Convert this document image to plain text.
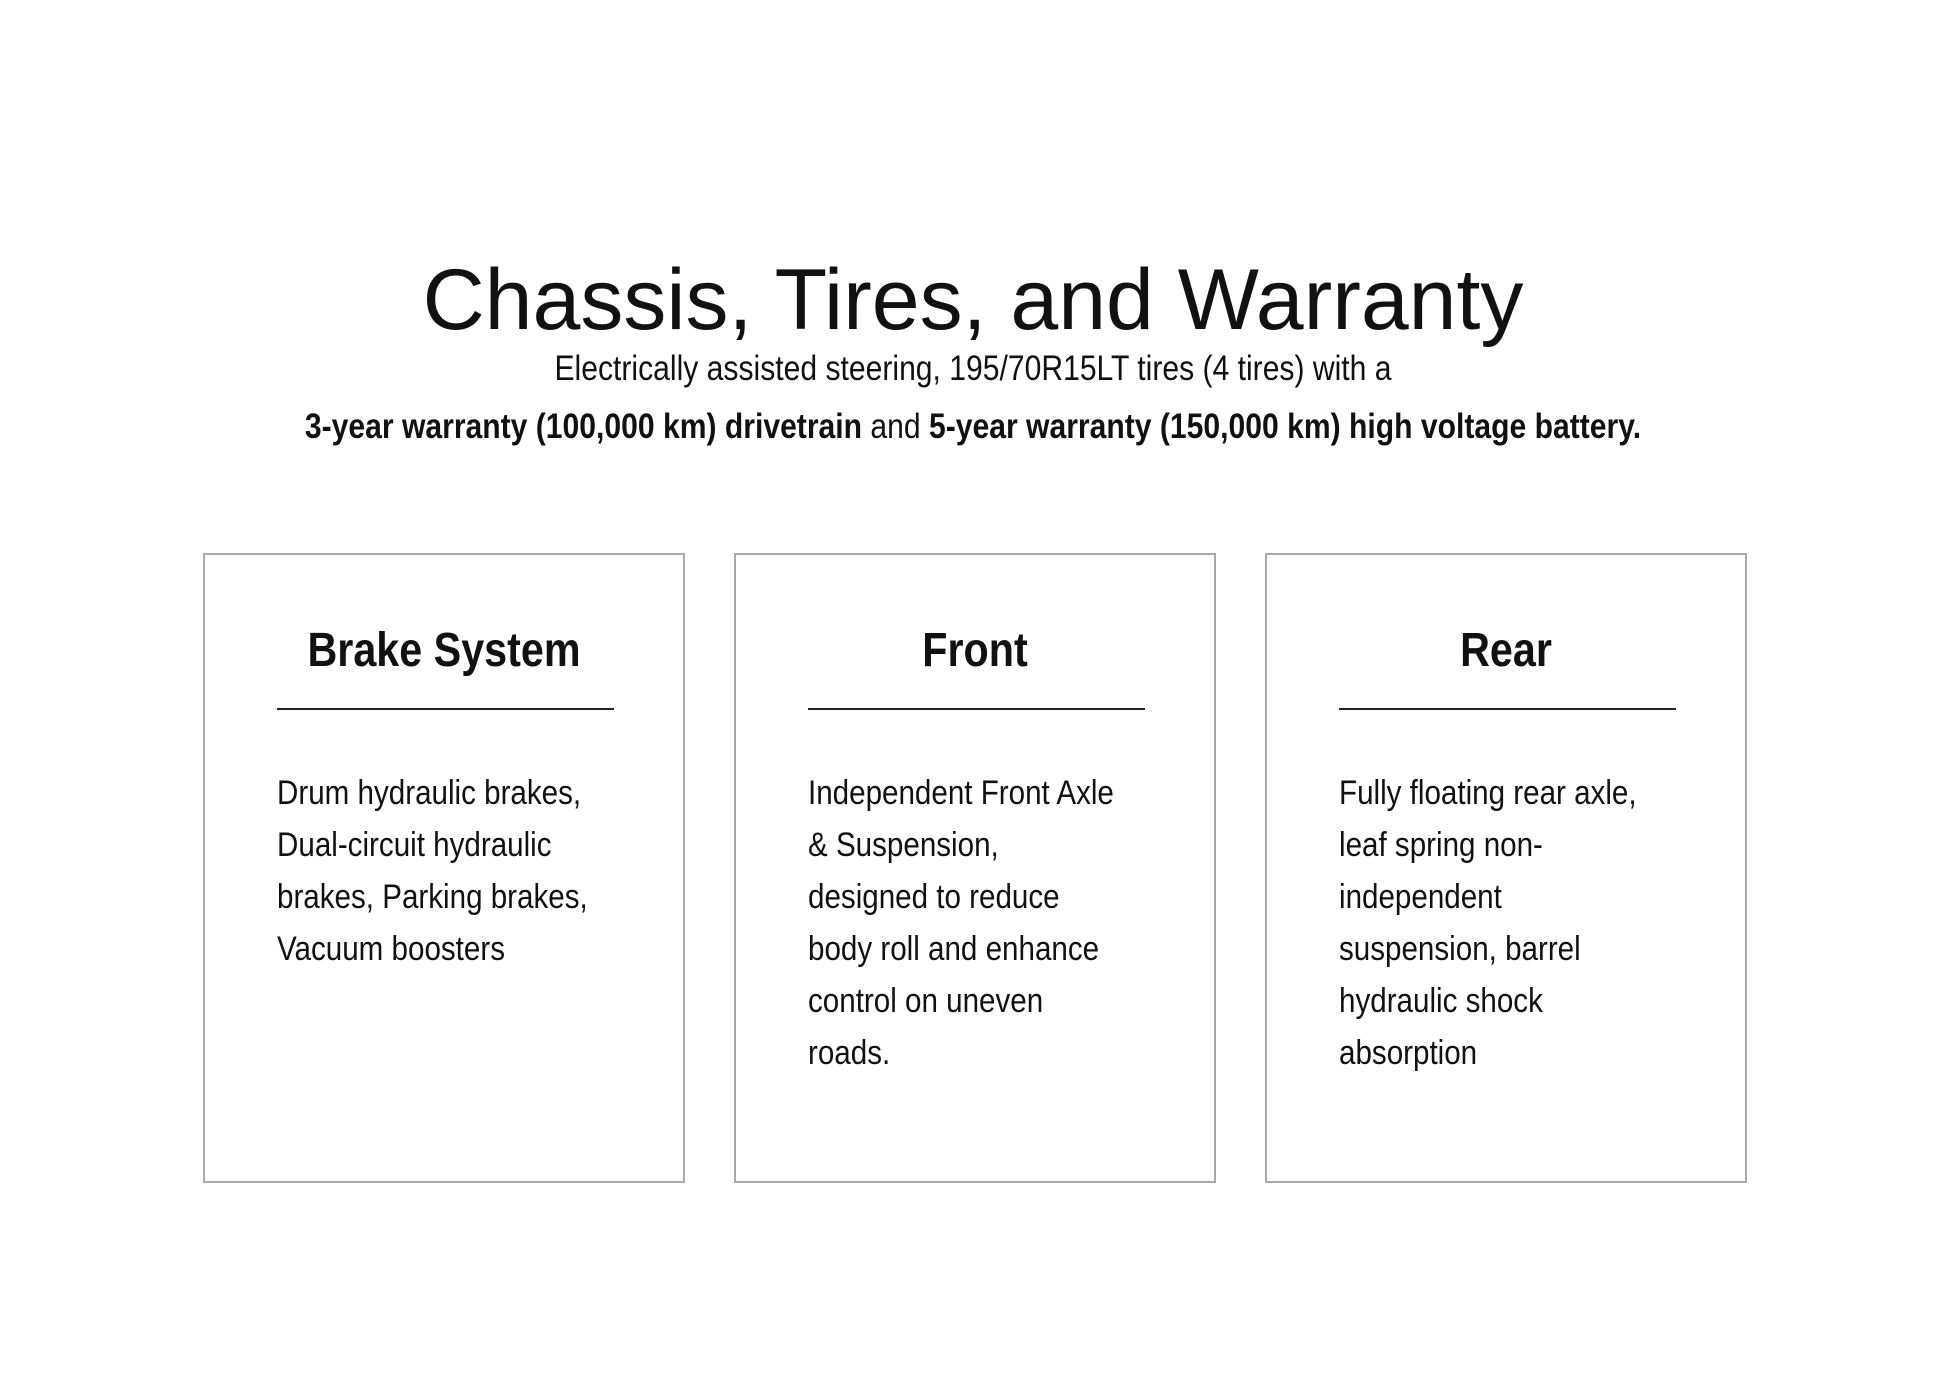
Chassis, Tires, and Warranty
Electrically assisted steering, 195/70R15LT tires (4 tires) with a
3-year warranty (100,000 km) drivetrain and 5-year warranty (150,000 km) high voltage battery.
Brake System
Drum hydraulic brakes, Dual-circuit hydraulic brakes, Parking brakes, Vacuum boosters
Front
Independent Front Axle & Suspension, designed to reduce body roll and enhance control on uneven roads.
Rear
Fully floating rear axle, leaf spring non-independent suspension, barrel hydraulic shock absorption
